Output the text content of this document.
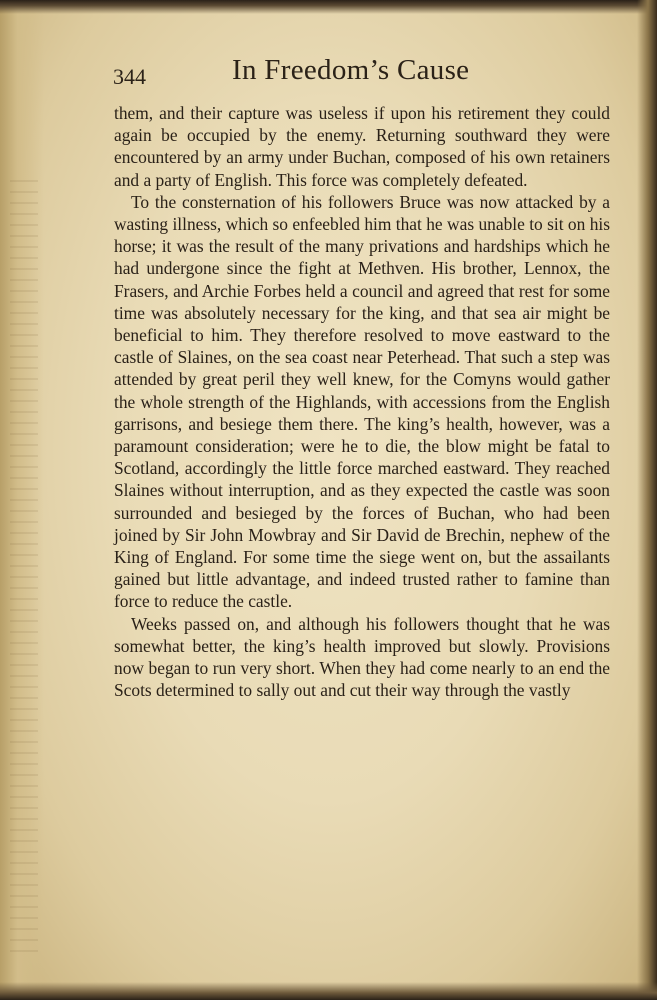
344	In Freedom’s Cause

them, and their capture was useless if upon his retirement they could again be occupied by the enemy. Returning southward they were encountered by an army under Buchan, composed of his own retainers and a party of English. This force was completely defeated.

To the consternation of his followers Bruce was now attacked by a wasting illness, which so enfeebled him that he was unable to sit on his horse; it was the result of the many privations and hardships which he had undergone since the fight at Methven. His brother, Lennox, the Frasers, and Archie Forbes held a council and agreed that rest for some time was absolutely necessary for the king, and that sea air might be beneficial to him. They therefore resolved to move eastward to the castle of Slaines, on the sea coast near Peterhead. That such a step was attended by great peril they well knew, for the Comyns would gather the whole strength of the Highlands, with accessions from the English garrisons, and besiege them there. The king’s health, however, was a paramount consideration; were he to die, the blow might be fatal to Scotland, accordingly the little force marched eastward. They reached Slaines without interruption, and as they expected the castle was soon surrounded and besieged by the forces of Buchan, who had been joined by Sir John Mowbray and Sir David de Brechin, nephew of the King of England. For some time the siege went on, but the assailants gained but little advantage, and indeed trusted rather to famine than force to reduce the castle.

Weeks passed on, and although his followers thought that he was somewhat better, the king’s health improved but slowly. Provisions now began to run very short. When they had come nearly to an end the Scots determined to sally out and cut their way through the vastly
